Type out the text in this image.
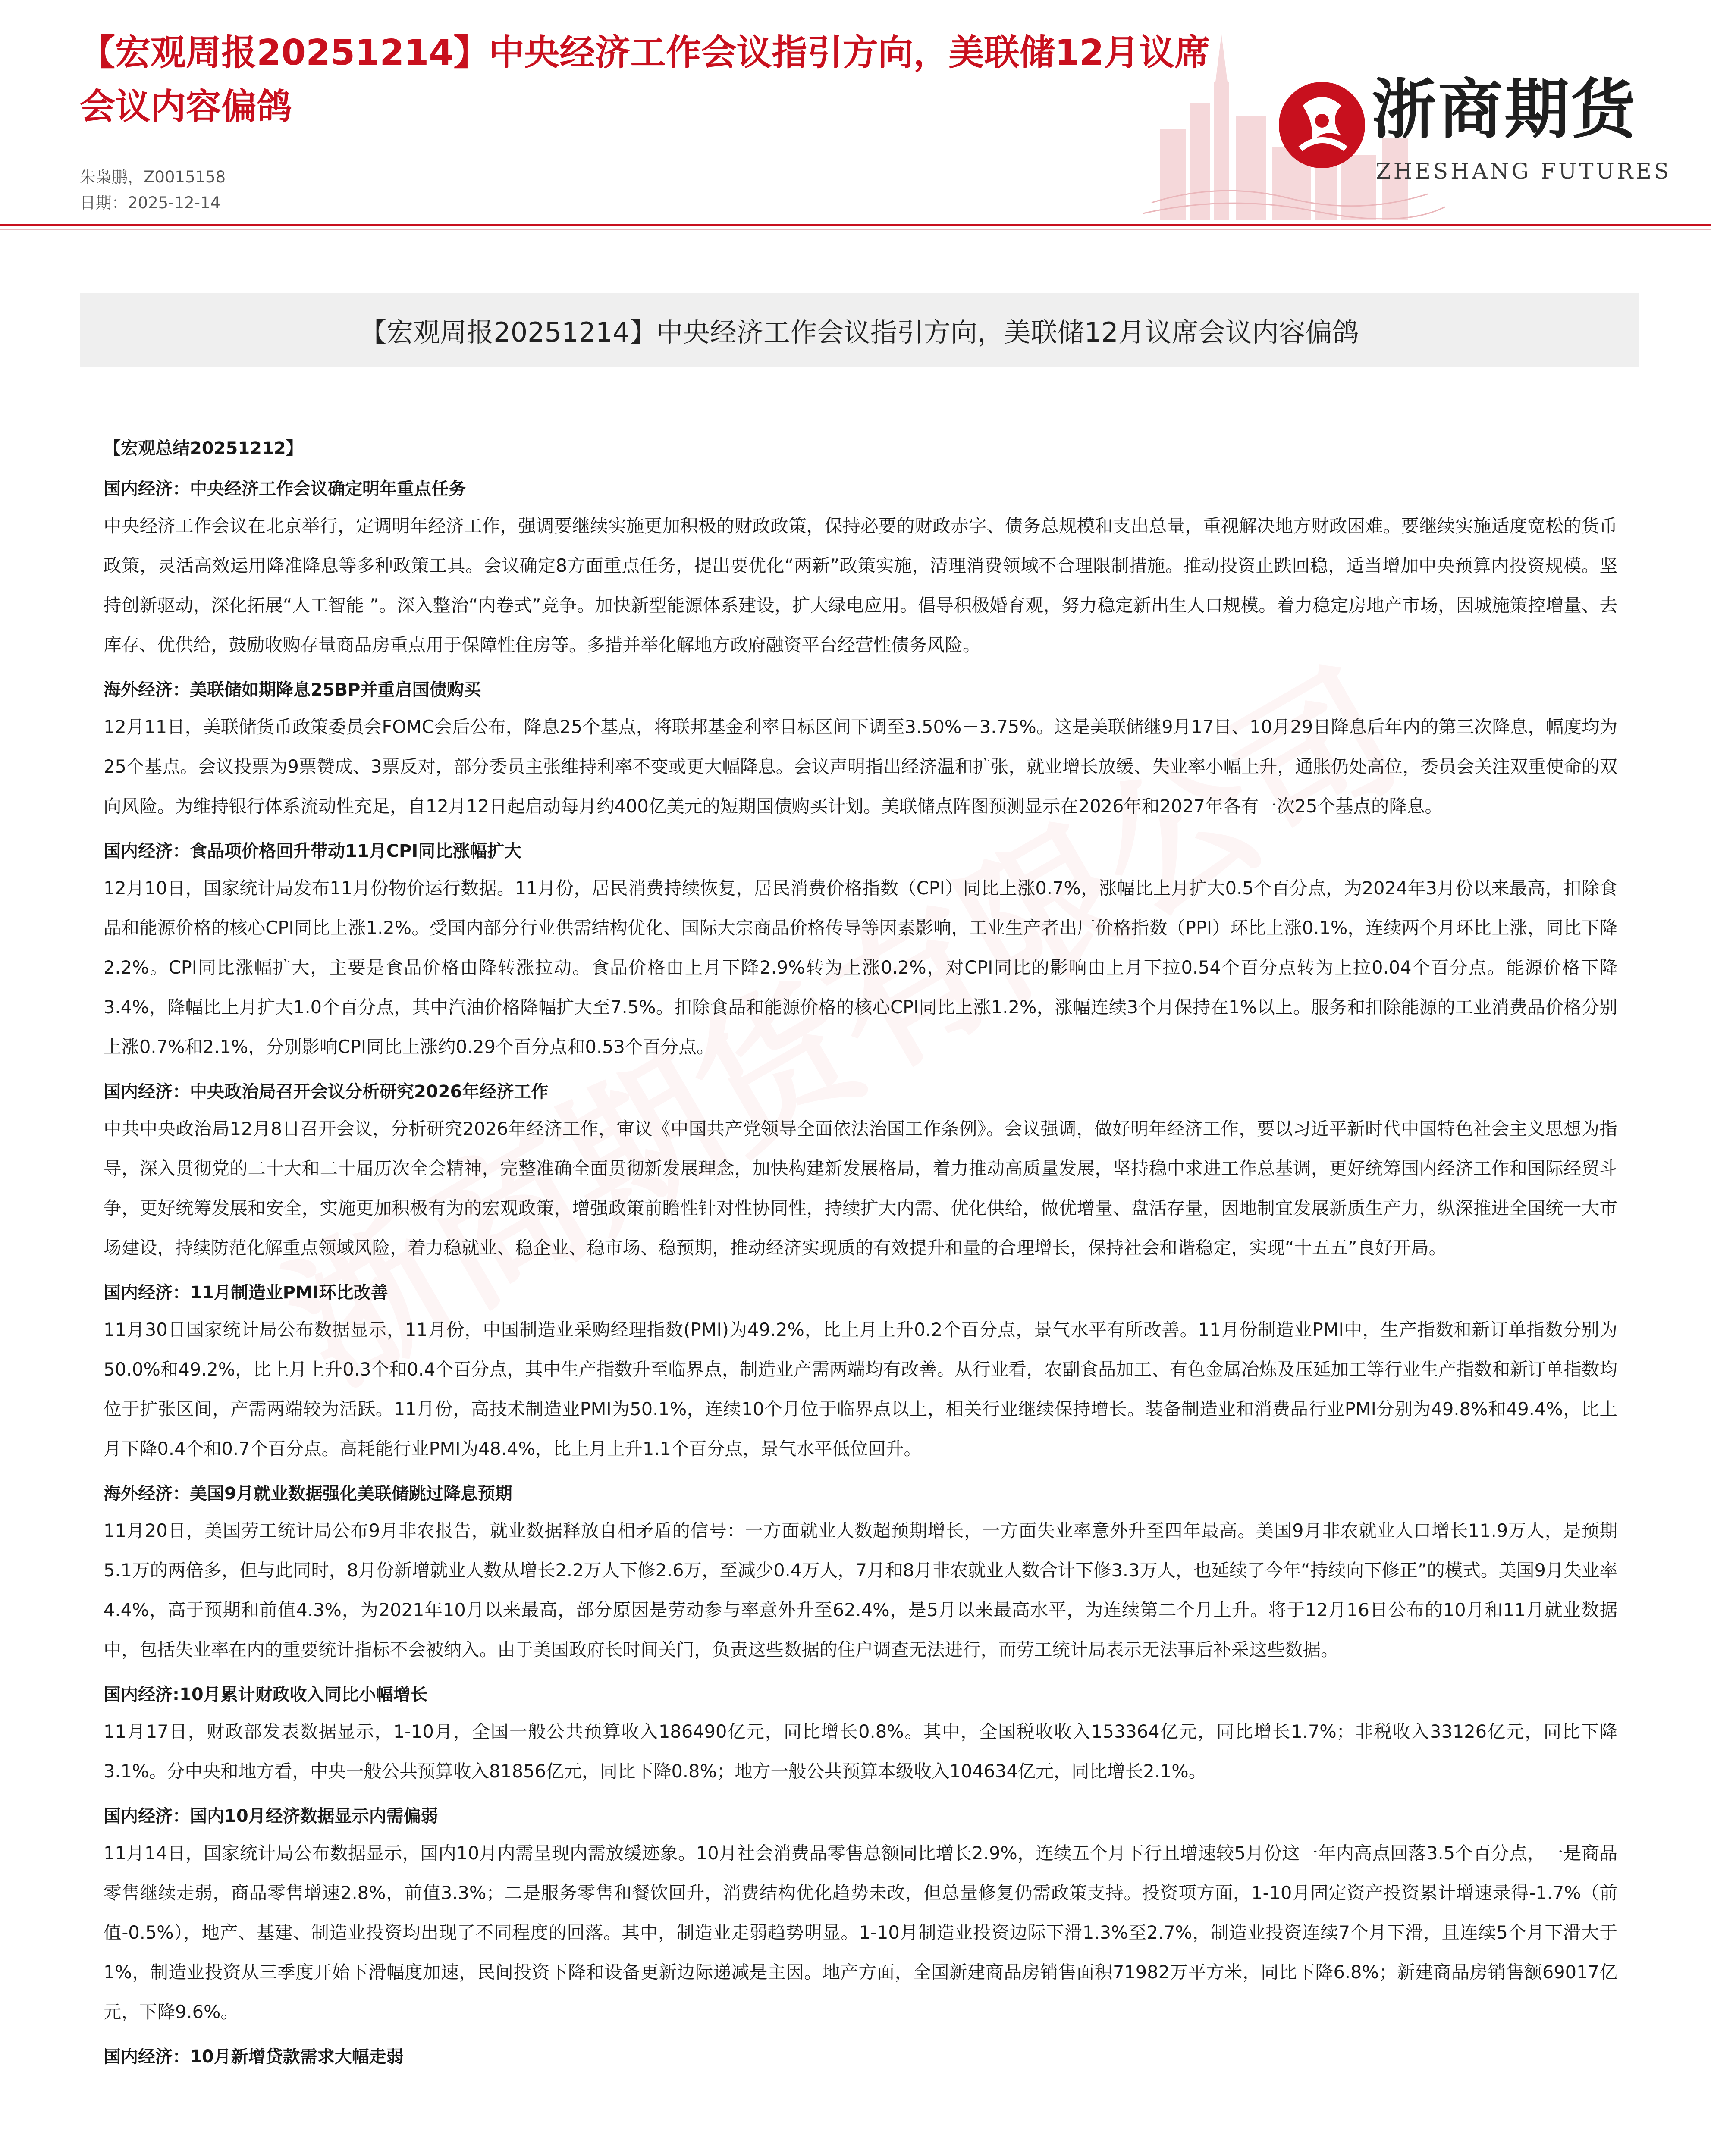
【宏观周报20251214】中央经济工作会议指引方向，美联储12月议席会议内容偏鸽	浙商期货
ZHESHANG FUTURES
朱枭鹏，Z0015158
日期：2025-12-14
【宏观周报20251214】中央经济工作会议指引方向，美联储12月议席会议内容偏鸽

【宏观总结20251212】

国内经济：中央经济工作会议确定明年重点任务

中央经济工作会议在北京举行，定调明年经济工作，强调要继续实施更加积极的财政政策，保持必要的财政赤字、债务总规模和支出总量，重视解决地方财政困难。要继续实施适度宽松的货币政策，灵活高效运用降准降息等多种政策工具。会议确定8方面重点任务，提出要优化“两新”政策实施，清理消费领域不合理限制措施。推动投资止跌回稳，适当增加中央预算内投资规模。坚持创新驱动，深化拓展“人工智能 ”。深入整治“内卷式”竞争。加快新型能源体系建设，扩大绿电应用。倡导积极婚育观，努力稳定新出生人口规模。着力稳定房地产市场，因城施策控增量、去库存、优供给，鼓励收购存量商品房重点用于保障性住房等。多措并举化解地方政府融资平台经营性债务风险。

海外经济：美联储如期降息25BP并重启国债购买

12月11日，美联储货币政策委员会FOMC会后公布，降息25个基点，将联邦基金利率目标区间下调至3.50%－3.75%。这是美联储继9月17日、10月29日降息后年内的第三次降息，幅度均为25个基点。会议投票为9票赞成、3票反对，部分委员主张维持利率不变或更大幅降息。会议声明指出经济温和扩张，就业增长放缓、失业率小幅上升，通胀仍处高位，委员会关注双重使命的双向风险。为维持银行体系流动性充足，自12月12日起启动每月约400亿美元的短期国债购买计划。美联储点阵图预测显示在2026年和2027年各有一次25个基点的降息。

国内经济：食品项价格回升带动11月CPI同比涨幅扩大

12月10日，国家统计局发布11月份物价运行数据。11月份，居民消费持续恢复，居民消费价格指数（CPI）同比上涨0.7%，涨幅比上月扩大0.5个百分点，为2024年3月份以来最高，扣除食品和能源价格的核心CPI同比上涨1.2%。受国内部分行业供需结构优化、国际大宗商品价格传导等因素影响，工业生产者出厂价格指数（PPI）环比上涨0.1%，连续两个月环比上涨，同比下降2.2%。CPI同比涨幅扩大，主要是食品价格由降转涨拉动。食品价格由上月下降2.9%转为上涨0.2%，对CPI同比的影响由上月下拉0.54个百分点转为上拉0.04个百分点。能源价格下降3.4%，降幅比上月扩大1.0个百分点，其中汽油价格降幅扩大至7.5%。扣除食品和能源价格的核心CPI同比上涨1.2%，涨幅连续3个月保持在1%以上。服务和扣除能源的工业消费品价格分别上涨0.7%和2.1%，分别影响CPI同比上涨约0.29个百分点和0.53个百分点。

国内经济：中央政治局召开会议分析研究2026年经济工作

中共中央政治局12月8日召开会议，分析研究2026年经济工作，审议《中国共产党领导全面依法治国工作条例》。会议强调，做好明年经济工作，要以习近平新时代中国特色社会主义思想为指导，深入贯彻党的二十大和二十届历次全会精神，完整准确全面贯彻新发展理念，加快构建新发展格局，着力推动高质量发展，坚持稳中求进工作总基调，更好统筹国内经济工作和国际经贸斗争，更好统筹发展和安全，实施更加积极有为的宏观政策，增强政策前瞻性针对性协同性，持续扩大内需、优化供给，做优增量、盘活存量，因地制宜发展新质生产力，纵深推进全国统一大市场建设，持续防范化解重点领域风险，着力稳就业、稳企业、稳市场、稳预期，推动经济实现质的有效提升和量的合理增长，保持社会和谐稳定，实现“十五五”良好开局。

国内经济：11月制造业PMI环比改善

11月30日国家统计局公布数据显示，11月份，中国制造业采购经理指数(PMI)为49.2%，比上月上升0.2个百分点，景气水平有所改善。11月份制造业PMI中，生产指数和新订单指数分别为50.0%和49.2%，比上月上升0.3个和0.4个百分点，其中生产指数升至临界点，制造业产需两端均有改善。从行业看，农副食品加工、有色金属冶炼及压延加工等行业生产指数和新订单指数均位于扩张区间，产需两端较为活跃。11月份，高技术制造业PMI为50.1%，连续10个月位于临界点以上，相关行业继续保持增长。装备制造业和消费品行业PMI分别为49.8%和49.4%，比上月下降0.4个和0.7个百分点。高耗能行业PMI为48.4%，比上月上升1.1个百分点，景气水平低位回升。

海外经济：美国9月就业数据强化美联储跳过降息预期

11月20日，美国劳工统计局公布9月非农报告，就业数据释放自相矛盾的信号：一方面就业人数超预期增长，一方面失业率意外升至四年最高。美国9月非农就业人口增长11.9万人，是预期5.1万的两倍多，但与此同时，8月份新增就业人数从增长2.2万人下修2.6万，至减少0.4万人，7月和8月非农就业人数合计下修3.3万人，也延续了今年“持续向下修正”的模式。美国9月失业率4.4%，高于预期和前值4.3%，为2021年10月以来最高，部分原因是劳动参与率意外升至62.4%，是5月以来最高水平，为连续第二个月上升。将于12月16日公布的10月和11月就业数据中，包括失业率在内的重要统计指标不会被纳入。由于美国政府长时间关门，负责这些数据的住户调查无法进行，而劳工统计局表示无法事后补采这些数据。

国内经济:10月累计财政收入同比小幅增长

11月17日，财政部发表数据显示，1-10月，全国一般公共预算收入186490亿元，同比增长0.8%。其中，全国税收收入153364亿元，同比增长1.7%；非税收入33126亿元，同比下降3.1%。分中央和地方看，中央一般公共预算收入81856亿元，同比下降0.8%；地方一般公共预算本级收入104634亿元，同比增长2.1%。

国内经济：国内10月经济数据显示内需偏弱

11月14日，国家统计局公布数据显示，国内10月内需呈现内需放缓迹象。10月社会消费品零售总额同比增长2.9%，连续五个月下行且增速较5月份这一年内高点回落3.5个百分点，一是商品零售继续走弱，商品零售增速2.8%，前值3.3%；二是服务零售和餐饮回升，消费结构优化趋势未改，但总量修复仍需政策支持。投资项方面，1-10月固定资产投资累计增速录得-1.7%（前值-0.5%），地产、基建、制造业投资均出现了不同程度的回落。其中，制造业走弱趋势明显。1-10月制造业投资边际下滑1.3%至2.7%，制造业投资连续7个月下滑，且连续5个月下滑大于1%，制造业投资从三季度开始下滑幅度加速，民间投资下降和设备更新边际递减是主因。地产方面，全国新建商品房销售面积71982万平方米，同比下降6.8%；新建商品房销售额69017亿元，下降9.6%。

国内经济：10月新增贷款需求大幅走弱
